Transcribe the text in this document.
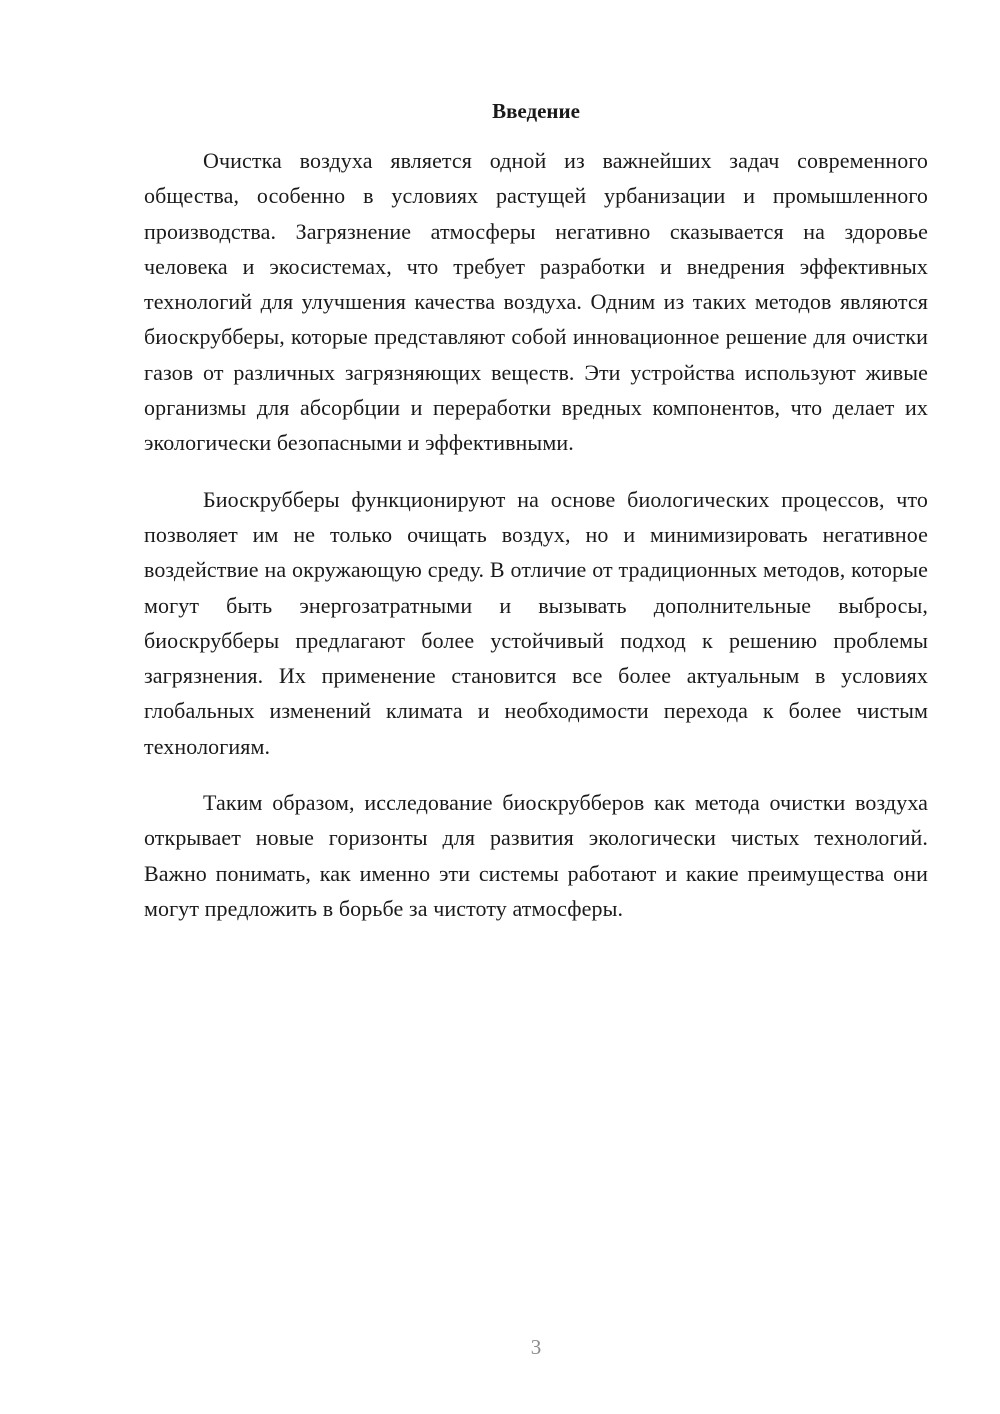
Введение

Очистка воздуха является одной из важнейших задач современного общества, особенно в условиях растущей урбанизации и промышленного производства. Загрязнение атмосферы негативно сказывается на здоровье человека и экосистемах, что требует разработки и внедрения эффективных технологий для улучшения качества воздуха. Одним из таких методов являются биоскрубберы, которые представляют собой инновационное решение для очистки газов от различных загрязняющих веществ. Эти устройства используют живые организмы для абсорбции и переработки вредных компонентов, что делает их экологически безопасными и эффективными.

Биоскрубберы функционируют на основе биологических процессов, что позволяет им не только очищать воздух, но и минимизировать негативное воздействие на окружающую среду. В отличие от традиционных методов, которые могут быть энергозатратными и вызывать дополнительные выбросы, биоскрубберы предлагают более устойчивый подход к решению проблемы загрязнения. Их применение становится все более актуальным в условиях глобальных изменений климата и необходимости перехода к более чистым технологиям.

Таким образом, исследование биоскрубберов как метода очистки воздуха открывает новые горизонты для развития экологически чистых технологий. Важно понимать, как именно эти системы работают и какие преимущества они могут предложить в борьбе за чистоту атмосферы.

3
